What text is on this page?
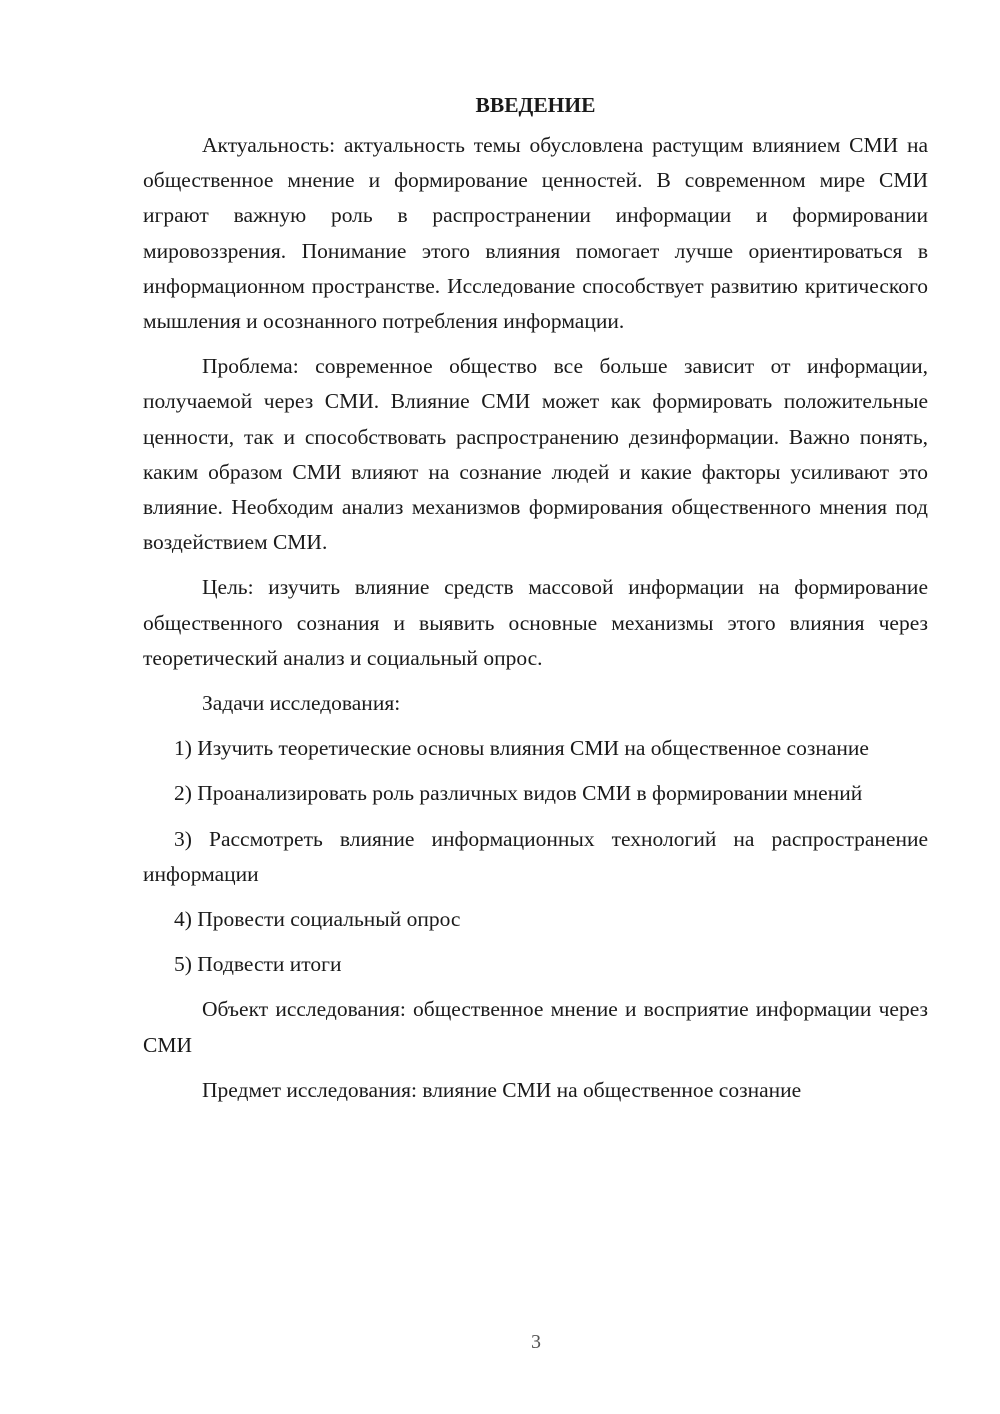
ВВЕДЕНИЕ

Актуальность: актуальность темы обусловлена растущим влиянием СМИ на общественное мнение и формирование ценностей. В современном мире СМИ играют важную роль в распространении информации и формировании мировоззрения. Понимание этого влияния помогает лучше ориентироваться в информационном пространстве. Исследование способствует развитию критического мышления и осознанного потребления информации.

Проблема: современное общество все больше зависит от информации, получаемой через СМИ. Влияние СМИ может как формировать положительные ценности, так и способствовать распространению дезинформации. Важно понять, каким образом СМИ влияют на сознание людей и какие факторы усиливают это влияние. Необходим анализ механизмов формирования общественного мнения под воздействием СМИ.

Цель: изучить влияние средств массовой информации на формирование общественного сознания и выявить основные механизмы этого влияния через теоретический анализ и социальный опрос.

Задачи исследования:

1) Изучить теоретические основы влияния СМИ на общественное сознание

2) Проанализировать роль различных видов СМИ в формировании мнений

3) Рассмотреть влияние информационных технологий на распространение информации

4) Провести социальный опрос

5) Подвести итоги

Объект исследования: общественное мнение и восприятие информации через СМИ

Предмет исследования: влияние СМИ на общественное сознание

3
